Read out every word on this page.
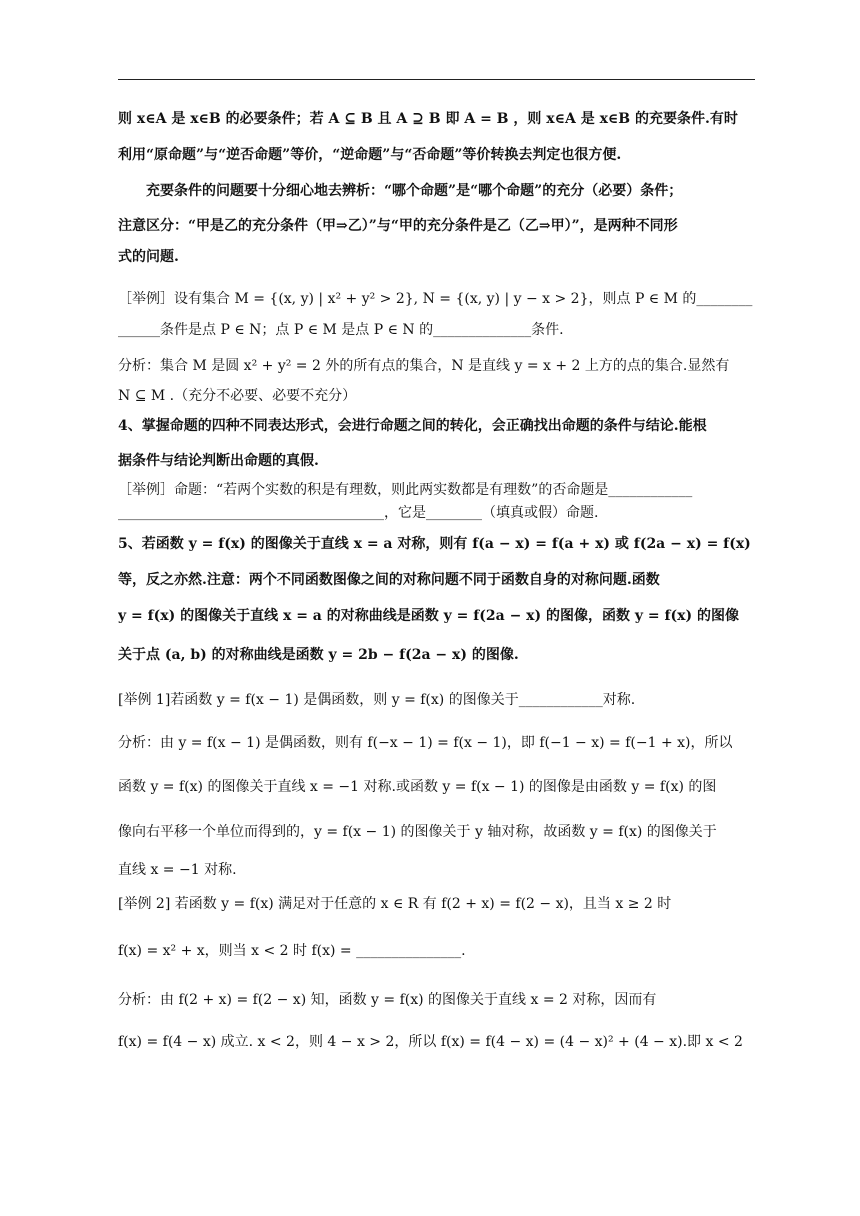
则 x∈A 是 x∈B 的必要条件；若 A ⊆ B 且 A ⊇ B 即 A = B ，则 x∈A 是 x∈B 的充要条件.有时
利用“原命题”与“逆否命题”等价，“逆命题”与“否命题”等价转换去判定也很方便.
充要条件的问题要十分细心地去辨析：“哪个命题”是“哪个命题”的充分（必要）条件；
注意区分：“甲是乙的充分条件（甲⇒乙）”与“甲的充分条件是乙（乙⇒甲）”，是两种不同形
式的问题.
［举例］设有集合 M = {(x, y) | x² + y² > 2}, N = {(x, y) | y − x > 2}，则点 P ∈ M 的________
______条件是点 P ∈ N；点 P ∈ M 是点 P ∈ N 的______________条件.
分析：集合 M 是圆 x² + y² = 2 外的所有点的集合，N 是直线 y = x + 2 上方的点的集合.显然有
N ⊆ M .（充分不必要、必要不充分）
4、掌握命题的四种不同表达形式，会进行命题之间的转化，会正确找出命题的条件与结论.能根
据条件与结论判断出命题的真假.
［举例］命题：“若两个实数的积是有理数，则此两实数都是有理数”的否命题是____________
______________________________________，它是________（填真或假）命题.
5、若函数 y = f(x) 的图像关于直线 x = a 对称，则有 f(a − x) = f(a + x) 或 f(2a − x) = f(x)
等，反之亦然.注意：两个不同函数图像之间的对称问题不同于函数自身的对称问题.函数
y = f(x) 的图像关于直线 x = a 的对称曲线是函数 y = f(2a − x) 的图像，函数 y = f(x) 的图像
关于点 (a, b) 的对称曲线是函数 y = 2b − f(2a − x) 的图像.
[举例 1]若函数 y = f(x − 1) 是偶函数，则 y = f(x) 的图像关于____________对称.
分析：由 y = f(x − 1) 是偶函数，则有 f(−x − 1) = f(x − 1)，即 f(−1 − x) = f(−1 + x)，所以
函数 y = f(x) 的图像关于直线 x = −1 对称.或函数 y = f(x − 1) 的图像是由函数 y = f(x) 的图
像向右平移一个单位而得到的，y = f(x − 1) 的图像关于 y 轴对称，故函数 y = f(x) 的图像关于
直线 x = −1 对称.
[举例 2] 若函数 y = f(x) 满足对于任意的 x ∈ R 有 f(2 + x) = f(2 − x)，且当 x ≥ 2 时
f(x) = x² + x，则当 x < 2 时 f(x) = _______________.
分析：由 f(2 + x) = f(2 − x) 知，函数 y = f(x) 的图像关于直线 x = 2 对称，因而有
f(x) = f(4 − x) 成立. x < 2，则 4 − x > 2，所以 f(x) = f(4 − x) = (4 − x)² + (4 − x).即 x < 2
